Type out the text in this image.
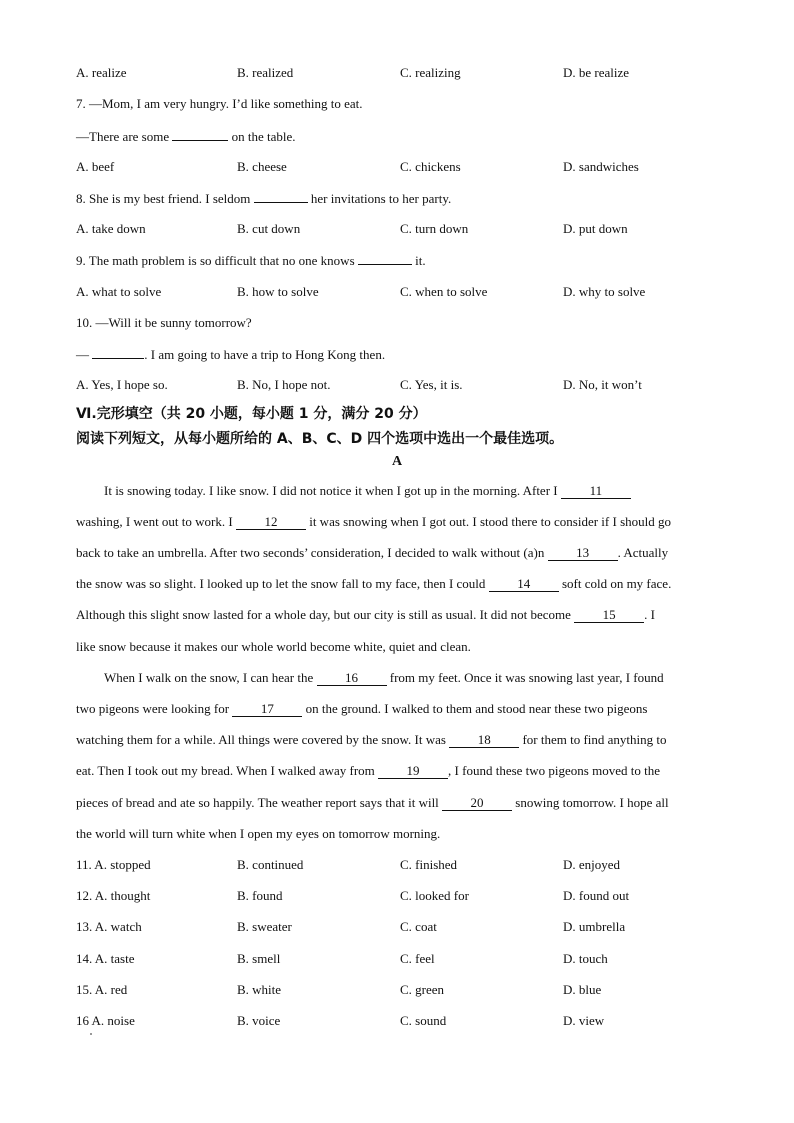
A. realize	B. realized	C. realizing	D. be realize
7. —Mom, I am very hungry. I’d like something to eat.
—There are some	on the table.
A. beef	B. cheese	C. chickens	D. sandwiches
8. She is my best friend. I seldom	her invitations to her party.
A. take down	B. cut down	C. turn down	D. put down
9. The math problem is so difficult that no one knows	it.
A. what to solve	B. how to solve	C. when to solve	D. why to solve
10. —Will it be sunny tomorrow?
—	. I am going to have a trip to Hong Kong then.
A. Yes, I hope so.	B. No, I hope not.	C. Yes, it is.	D. No, it won’t
Ⅵ.完形填空（共 20 小题，每小题 1 分，满分 20 分）
阅读下列短文，从每小题所给的 A、B、C、D 四个选项中选出一个最佳选项。
A
It is snowing today. I like snow. I did not notice it when I got up in the morning. After I 11
washing, I went out to work. I 12 it was snowing when I got out. I stood there to consider if I should go
back to take an umbrella. After two seconds’ consideration, I decided to walk without (a)n 13 . Actually
the snow was so slight. I looked up to let the snow fall to my face, then I could 14 soft cold on my face.
Although this slight snow lasted for a whole day, but our city is still as usual. It did not become 15 . I
like snow because it makes our whole world become white, quiet and clean.
When I walk on the snow, I can hear the 16 from my feet. Once it was snowing last year, I found
two pigeons were looking for 17 on the ground. I walked to them and stood near these two pigeons
watching them for a while. All things were covered by the snow. It was 18 for them to find anything to
eat. Then I took out my bread. When I walked away from 19 , I found these two pigeons moved to the
pieces of bread and ate so happily. The weather report says that it will 20 snowing tomorrow. I hope all
the world will turn white when I open my eyes on tomorrow morning.
11. A. stopped	B. continued	C. finished	D. enjoyed
12. A. thought	B. found	C. looked for	D. found out
13. A. watch	B. sweater	C. coat	D. umbrella
14. A. taste	B. smell	C. feel	D. touch
15. A. red	B. white	C. green	D. blue
16 A. noise	B. voice	C. sound	D. view
